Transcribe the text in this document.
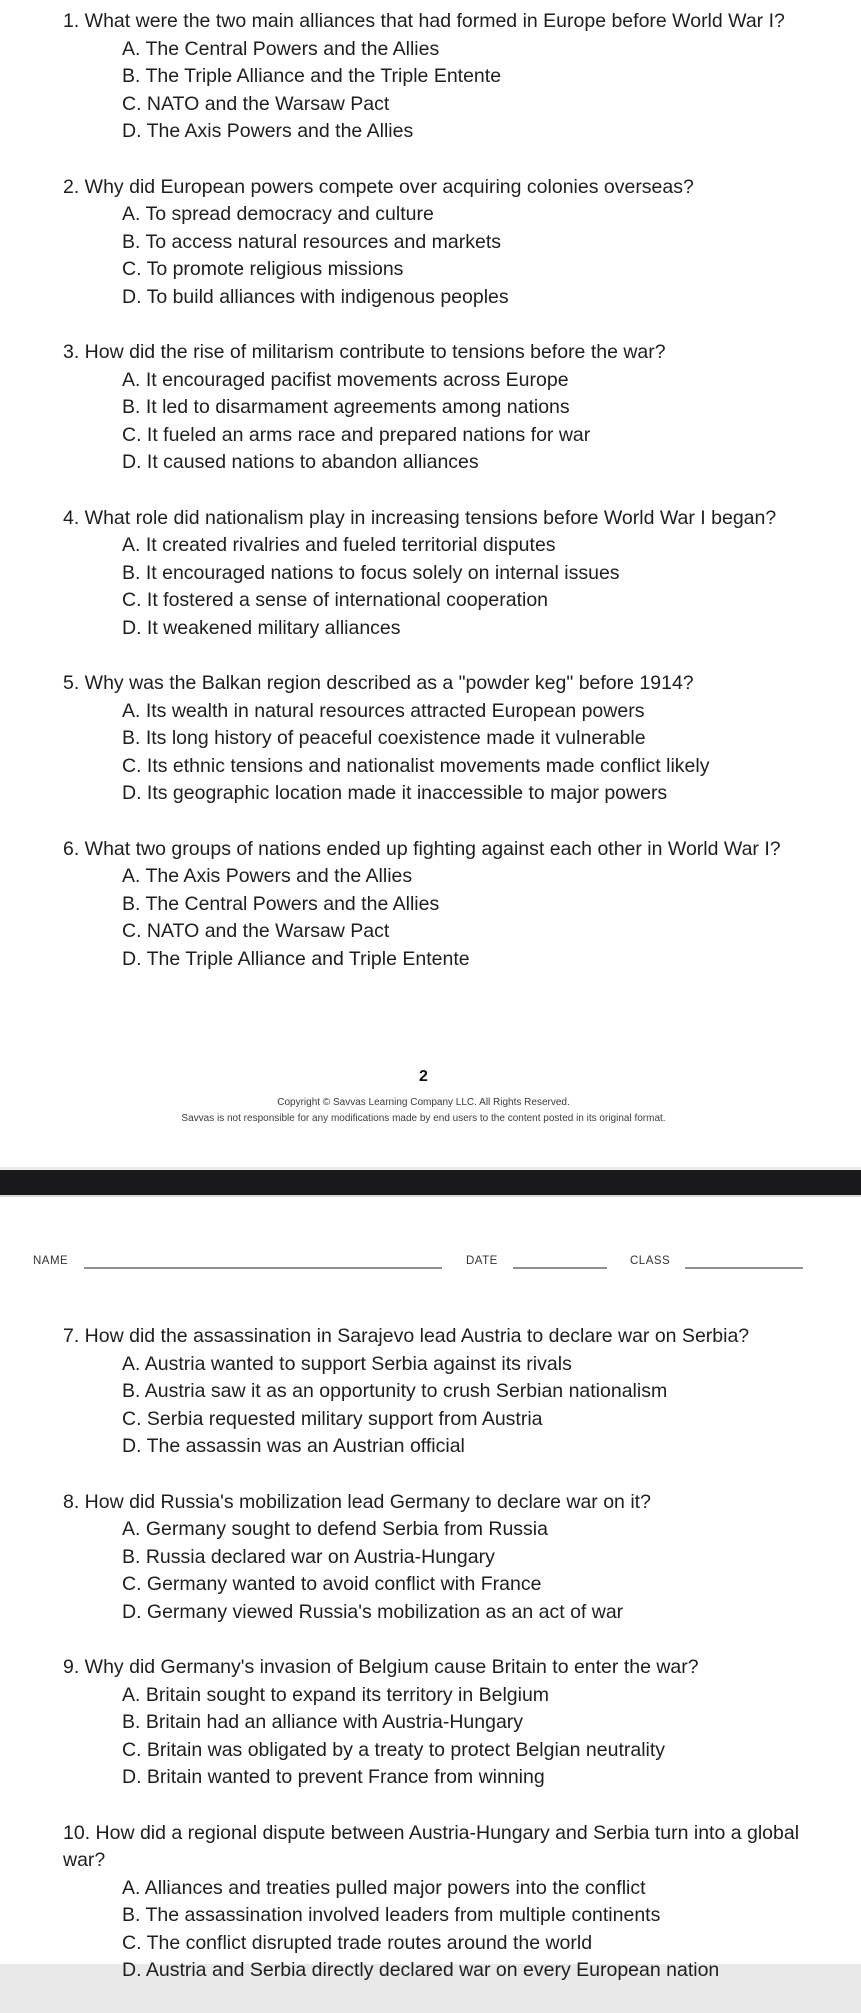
1. What were the two main alliances that had formed in Europe before World War I?
A. The Central Powers and the Allies
B. The Triple Alliance and the Triple Entente
C. NATO and the Warsaw Pact
D. The Axis Powers and the Allies
2. Why did European powers compete over acquiring colonies overseas?
A. To spread democracy and culture
B. To access natural resources and markets
C. To promote religious missions
D. To build alliances with indigenous peoples
3. How did the rise of militarism contribute to tensions before the war?
A. It encouraged pacifist movements across Europe
B. It led to disarmament agreements among nations
C. It fueled an arms race and prepared nations for war
D. It caused nations to abandon alliances
4. What role did nationalism play in increasing tensions before World War I began?
A. It created rivalries and fueled territorial disputes
B. It encouraged nations to focus solely on internal issues
C. It fostered a sense of international cooperation
D. It weakened military alliances
5. Why was the Balkan region described as a "powder keg" before 1914?
A. Its wealth in natural resources attracted European powers
B. Its long history of peaceful coexistence made it vulnerable
C. Its ethnic tensions and nationalist movements made conflict likely
D. Its geographic location made it inaccessible to major powers
6. What two groups of nations ended up fighting against each other in World War I?
A. The Axis Powers and the Allies
B. The Central Powers and the Allies
C. NATO and the Warsaw Pact
D. The Triple Alliance and Triple Entente
2
Copyright © Savvas Learning Company LLC. All Rights Reserved.
Savvas is not responsible for any modifications made by end users to the content posted in its original format.
NAME	DATE	CLASS
7. How did the assassination in Sarajevo lead Austria to declare war on Serbia?
A. Austria wanted to support Serbia against its rivals
B. Austria saw it as an opportunity to crush Serbian nationalism
C. Serbia requested military support from Austria
D. The assassin was an Austrian official
8. How did Russia's mobilization lead Germany to declare war on it?
A. Germany sought to defend Serbia from Russia
B. Russia declared war on Austria-Hungary
C. Germany wanted to avoid conflict with France
D. Germany viewed Russia's mobilization as an act of war
9. Why did Germany's invasion of Belgium cause Britain to enter the war?
A. Britain sought to expand its territory in Belgium
B. Britain had an alliance with Austria-Hungary
C. Britain was obligated by a treaty to protect Belgian neutrality
D. Britain wanted to prevent France from winning
10. How did a regional dispute between Austria-Hungary and Serbia turn into a global war?
A. Alliances and treaties pulled major powers into the conflict
B. The assassination involved leaders from multiple continents
C. The conflict disrupted trade routes around the world
D. Austria and Serbia directly declared war on every European nation
